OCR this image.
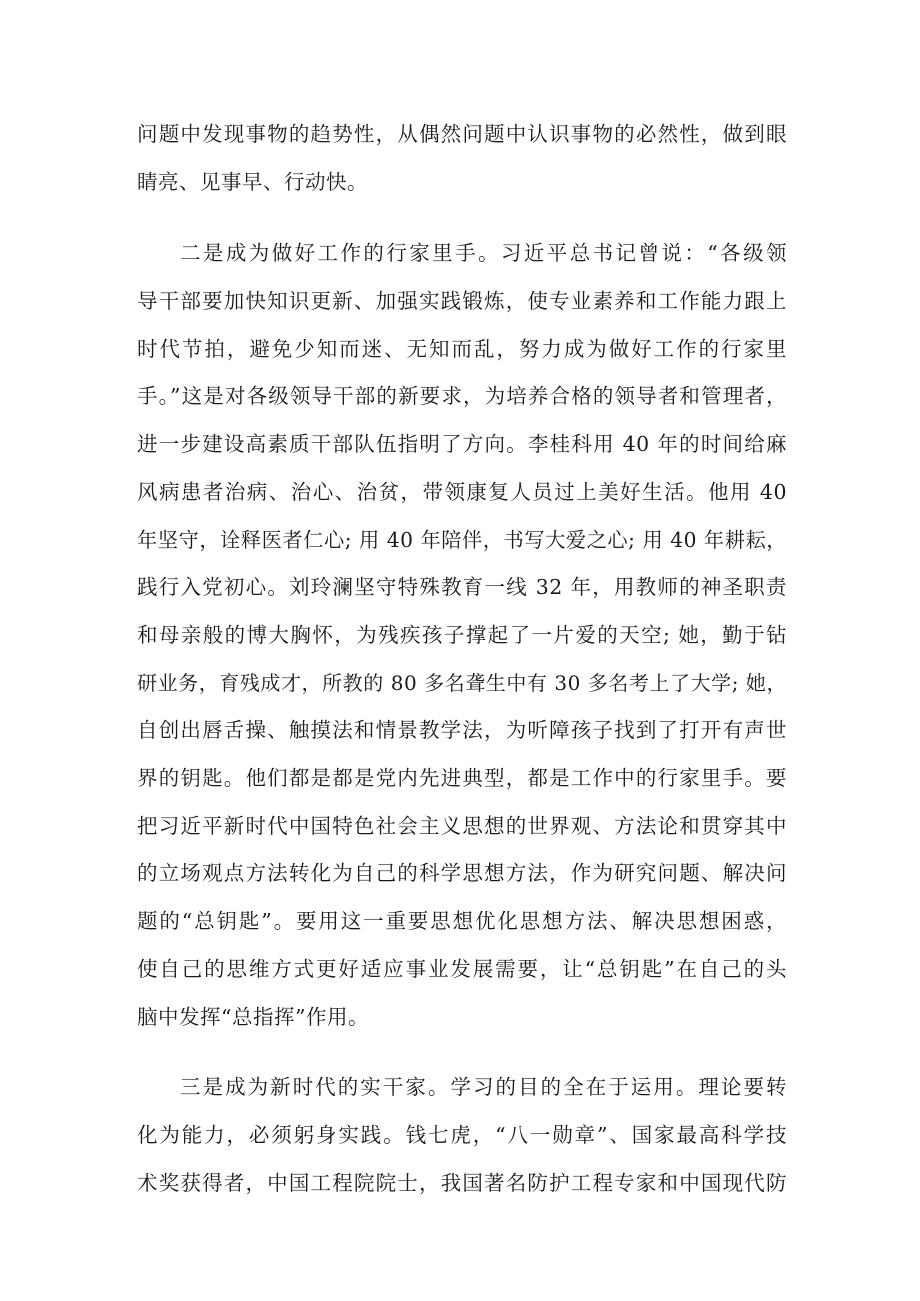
问题中发现事物的趋势性，从偶然问题中认识事物的必然性，做到眼
睛亮、见事早、行动快。
二是成为做好工作的行家里手。习近平总书记曾说：“各级领
导干部要加快知识更新、加强实践锻炼，使专业素养和工作能力跟上
时代节拍，避免少知而迷、无知而乱，努力成为做好工作的行家里
手。”这是对各级领导干部的新要求，为培养合格的领导者和管理者，
进一步建设高素质干部队伍指明了方向。李桂科用 40 年的时间给麻
风病患者治病、治心、治贫，带领康复人员过上美好生活。他用 40
年坚守，诠释医者仁心; 用 40 年陪伴，书写大爱之心; 用 40 年耕耘，
践行入党初心。刘玲澜坚守特殊教育一线 32 年，用教师的神圣职责
和母亲般的博大胸怀，为残疾孩子撑起了一片爱的天空; 她，勤于钻
研业务，育残成才，所教的 80 多名聋生中有 30 多名考上了大学; 她，
自创出唇舌操、触摸法和情景教学法，为听障孩子找到了打开有声世
界的钥匙。他们都是都是党内先进典型，都是工作中的行家里手。要
把习近平新时代中国特色社会主义思想的世界观、方法论和贯穿其中
的立场观点方法转化为自己的科学思想方法，作为研究问题、解决问
题的“总钥匙”。要用这一重要思想优化思想方法、解决思想困惑，
使自己的思维方式更好适应事业发展需要，让“总钥匙”在自己的头
脑中发挥“总指挥”作用。
三是成为新时代的实干家。学习的目的全在于运用。理论要转
化为能力，必须躬身实践。钱七虎，“八一勋章”、国家最高科学技
术奖获得者，中国工程院院士，我国著名防护工程专家和中国现代防
